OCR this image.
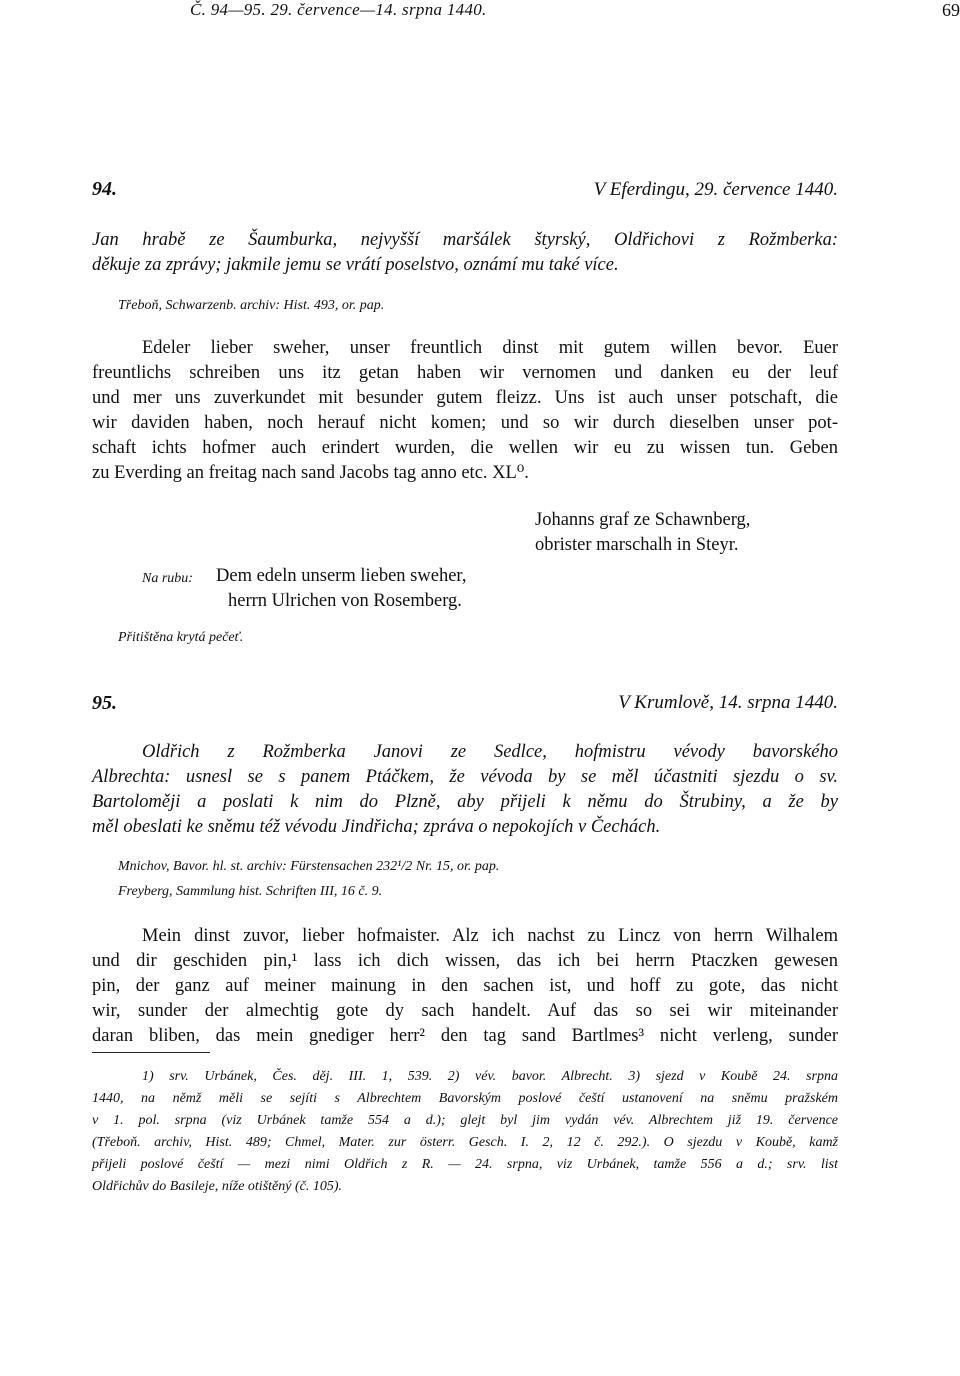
Č. 94—95. 29. července—14. srpna 1440.	69
94.	V Eferdingu, 29. července 1440.
Jan hrabě ze Šaumburka, nejvyšší maršálek štyrský, Oldřichovi z Rožmberka:
děkuje za zprávy; jakmile jemu se vrátí poselstvo, oznámí mu také více.
Třeboň, Schwarzenb. archiv: Hist. 493, or. pap.
Edeler lieber sweher, unser freuntlich dinst mit gutem willen bevor. Euer
freuntlichs schreiben uns itz getan haben wir vernomen und danken eu der leuf
und mer uns zuverkundet mit besunder gutem fleizz. Uns ist auch unser potschaft, die
wir daviden haben, noch herauf nicht komen; und so wir durch dieselben unser pot-
schaft ichts hofmer auch erindert wurden, die wellen wir eu zu wissen tun. Geben
zu Everding an freitag nach sand Jacobs tag anno etc. XL⁰.
Johanns graf ze Schawnberg,
obrister marschalh in Steyr.
Na rubu: Dem edeln unserm lieben sweher,
herrn Ulrichen von Rosemberg.
Přitištěna krytá pečeť.
95.	V Krumlově, 14. srpna 1440.
Oldřich z Rožmberka Janovi ze Sedlce, hofmistru vévody bavorského
Albrechta: usnesl se s panem Ptáčkem, že vévoda by se měl účastniti sjezdu o sv.
Bartoloměji a poslati k nim do Plzně, aby přijeli k němu do Štrubiny, a že by
měl obeslati ke sněmu též vévodu Jindřicha; zpráva o nepokojích v Čechách.
Mnichov, Bavor. hl. st. archiv: Fürstensachen 232¹/2 Nr. 15, or. pap.
Freyberg, Sammlung hist. Schriften III, 16 č. 9.
Mein dinst zuvor, lieber hofmaister. Alz ich nachst zu Lincz von herrn Wilhalem
und dir geschiden pin,¹ lass ich dich wissen, das ich bei herrn Ptaczken gewesen
pin, der ganz auf meiner mainung in den sachen ist, und hoff zu gote, das nicht
wir, sunder der almechtig gote dy sach handelt. Auf das so sei wir miteinander
daran bliben, das mein gnediger herr² den tag sand Bartlmes³ nicht verleng, sunder
1) srv. Urbánek, Čes. děj. III. 1, 539. 2) vév. bavor. Albrecht. 3) sjezd v Koubě 24. srpna
1440, na němž měli se sejíti s Albrechtem Bavorským poslové čeští ustanovení na sněmu pražském
v 1. pol. srpna (viz Urbánek tamže 554 a d.); glejt byl jim vydán vév. Albrechtem již 19. července
(Třeboň. archiv, Hist. 489; Chmel, Mater. zur österr. Gesch. I. 2, 12 č. 292.). O sjezdu v Koubě, kamž
přijeli poslové čeští — mezi nimi Oldřich z R. — 24. srpna, viz Urbánek, tamže 556 a d.; srv. list
Oldřichův do Basileje, níže otištěný (č. 105).
